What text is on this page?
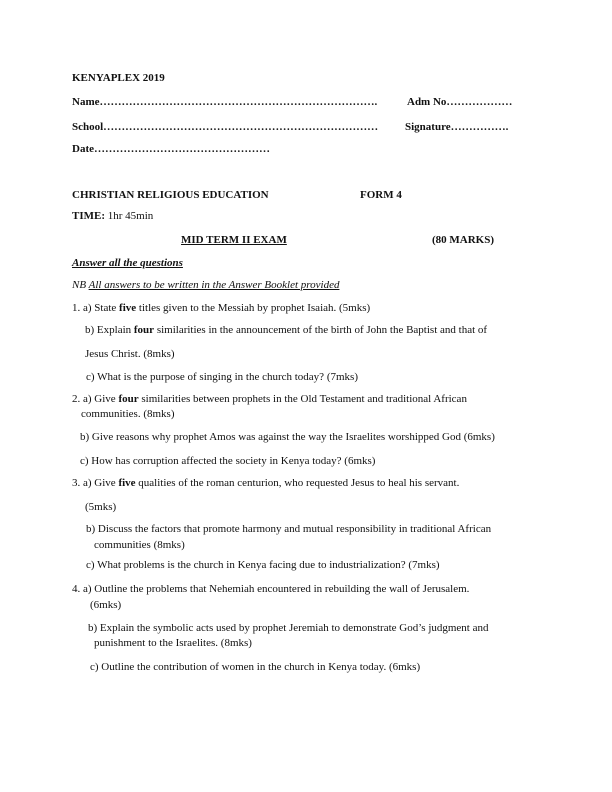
KENYAPLEX 2019
Name………………………………………………………………….	Adm No………………
School………………………………………………………………… Signature…………….
Date…………………………………………
CHRISTIAN RELIGIOUS EDUCATION	FORM 4
TIME: 1hr 45min
MID TERM II EXAM	(80 MARKS)
Answer all the questions
NB All answers to be written in the Answer Booklet provided
1. a) State five titles given to the Messiah by prophet Isaiah. (5mks)
b) Explain four similarities in the announcement of the birth of John the Baptist and that of
Jesus Christ. (8mks)
c) What is the purpose of singing in the church today? (7mks)
2. a) Give four similarities between prophets in the Old Testament and traditional African
communities. (8mks)
b) Give reasons why prophet Amos was against the way the Israelites worshipped God (6mks)
c) How has corruption affected the society in Kenya today? (6mks)
3. a) Give five qualities of the roman centurion, who requested Jesus to heal his servant.
(5mks)
b) Discuss the factors that promote harmony and mutual responsibility in traditional African
communities (8mks)
c) What problems is the church in Kenya facing due to industrialization? (7mks)
4. a) Outline the problems that Nehemiah encountered in rebuilding the wall of Jerusalem.
(6mks)
b) Explain the symbolic acts used by prophet Jeremiah to demonstrate God’s judgment and
punishment to the Israelites. (8mks)
c) Outline the contribution of women in the church in Kenya today. (6mks)
